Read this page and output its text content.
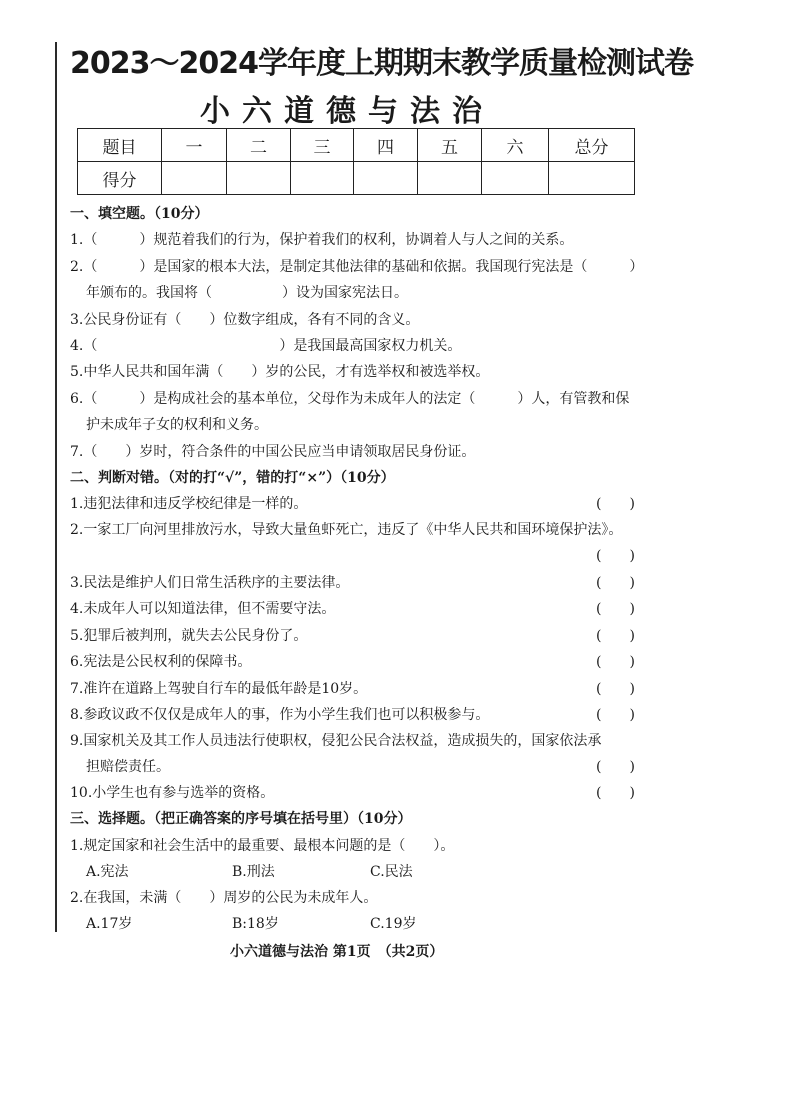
2023～2024学年度上期期末教学质量检测试卷
小六道德与法治
题目	一	二	三	四	五	六	总分
得分							
一、填空题。（10分）
1.（　　　）规范着我们的行为，保护着我们的权利，协调着人与人之间的关系。
2.（　　　）是国家的根本大法，是制定其他法律的基础和依据。我国现行宪法是（　　　）
年颁布的。我国将（　　　　　）设为国家宪法日。
3.公民身份证有（　　）位数字组成，各有不同的含义。
4.（　　　　　　　　　　　　　）是我国最高国家权力机关。
5.中华人民共和国年满（　　）岁的公民，才有选举权和被选举权。
6.（　　　）是构成社会的基本单位，父母作为未成年人的法定（　　　）人，有管教和保
护未成年子女的权利和义务。
7.（　　）岁时，符合条件的中国公民应当申请领取居民身份证。
二、判断对错。（对的打“√”，错的打“×”）（10分）
1.违犯法律和违反学校纪律是一样的。	(　　)
2.一家工厂向河里排放污水，导致大量鱼虾死亡，违反了《中华人民共和国环境保护法》。
(　　)
3.民法是维护人们日常生活秩序的主要法律。	(　　)
4.未成年人可以知道法律，但不需要守法。	(　　)
5.犯罪后被判刑，就失去公民身份了。	(　　)
6.宪法是公民权利的保障书。	(　　)
7.准许在道路上驾驶自行车的最低年龄是10岁。	(　　)
8.参政议政不仅仅是成年人的事，作为小学生我们也可以积极参与。	(　　)
9.国家机关及其工作人员违法行使职权，侵犯公民合法权益，造成损失的，国家依法承
担赔偿责任。	(　　)
10.小学生也有参与选举的资格。	(　　)
三、选择题。（把正确答案的序号填在括号里）（10分）
1.规定国家和社会生活中的最重要、最根本问题的是（　　）。
A.宪法	B.刑法	C.民法
2.在我国，未满（　　）周岁的公民为未成年人。
A.17岁	B:18岁	C.19岁
小六道德与法治 第1页　（共2页）
